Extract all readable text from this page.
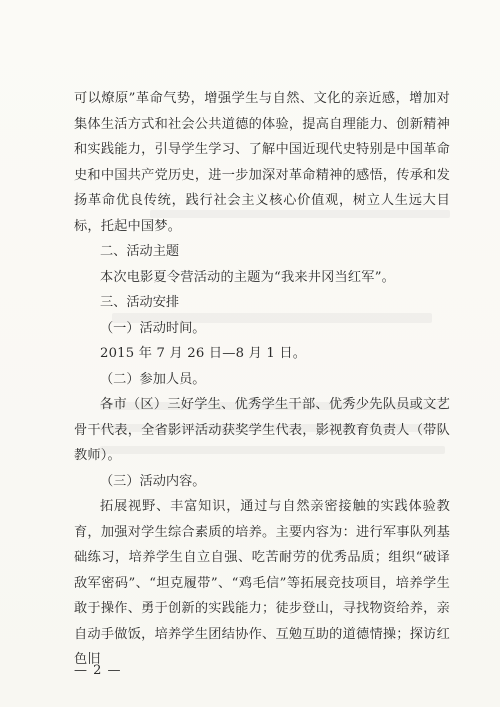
可以燎原”革命气势，增强学生与自然、文化的亲近感，增加对集体生活方式和社会公共道德的体验，提高自理能力、创新精神和实践能力，引导学生学习、了解中国近现代史特别是中国革命史和中国共产党历史，进一步加深对革命精神的感悟，传承和发扬革命优良传统，践行社会主义核心价值观，树立人生远大目标，托起中国梦。

二、活动主题

本次电影夏令营活动的主题为“我来井冈当红军”。

三、活动安排

（一）活动时间。

2015 年 7 月 26 日—8 月 1 日。

（二）参加人员。

各市（区）三好学生、优秀学生干部、优秀少先队员或文艺骨干代表，全省影评活动获奖学生代表，影视教育负责人（带队教师）。

（三）活动内容。

拓展视野、丰富知识，通过与自然亲密接触的实践体验教育，加强对学生综合素质的培养。主要内容为：进行军事队列基础练习，培养学生自立自强、吃苦耐劳的优秀品质；组织“破译敌军密码”、“坦克履带”、“鸡毛信”等拓展竞技项目，培养学生敢于操作、勇于创新的实践能力；徒步登山，寻找物资给养，亲自动手做饭，培养学生团结协作、互勉互助的道德情操；探访红色旧

— 2 —
